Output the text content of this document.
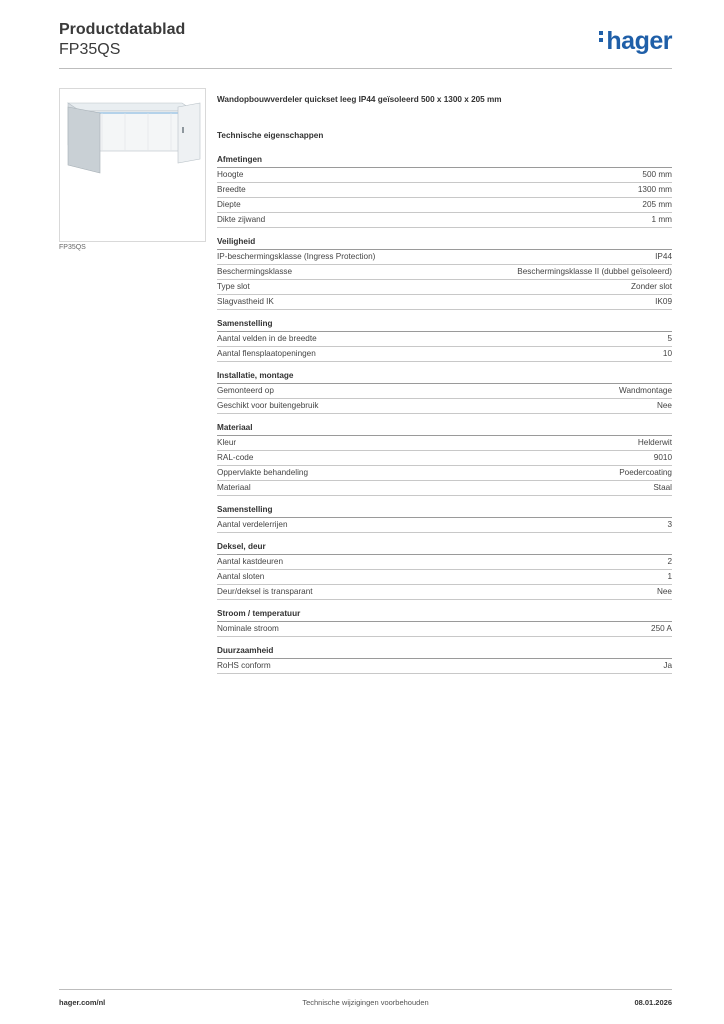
Productdatablad
FP35QS	hager
FP35QS
Wandopbouwverdeler quickset leeg IP44 geïsoleerd 500 x 1300 x 205 mm
Technische eigenschappen
Afmetingen
Hoogte	500 mm
Breedte	1300 mm
Diepte	205 mm
Dikte zijwand	1 mm
Veiligheid
IP-beschermingsklasse (Ingress Protection)	IP44
Beschermingsklasse	Beschermingsklasse II (dubbel geïsoleerd)
Type slot	Zonder slot
Slagvastheid IK	IK09
Samenstelling
Aantal velden in de breedte	5
Aantal flensplaatopeningen	10
Installatie, montage
Gemonteerd op	Wandmontage
Geschikt voor buitengebruik	Nee
Materiaal
Kleur	Helderwit
RAL-code	9010
Oppervlakte behandeling	Poedercoating
Materiaal	Staal
Samenstelling
Aantal verdelerrijen	3
Deksel, deur
Aantal kastdeuren	2
Aantal sloten	1
Deur/deksel is transparant	Nee
Stroom / temperatuur
Nominale stroom	250 A
Duurzaamheid
RoHS conform	Ja
hager.com/nl	Technische wijzigingen voorbehouden	08.01.2026
